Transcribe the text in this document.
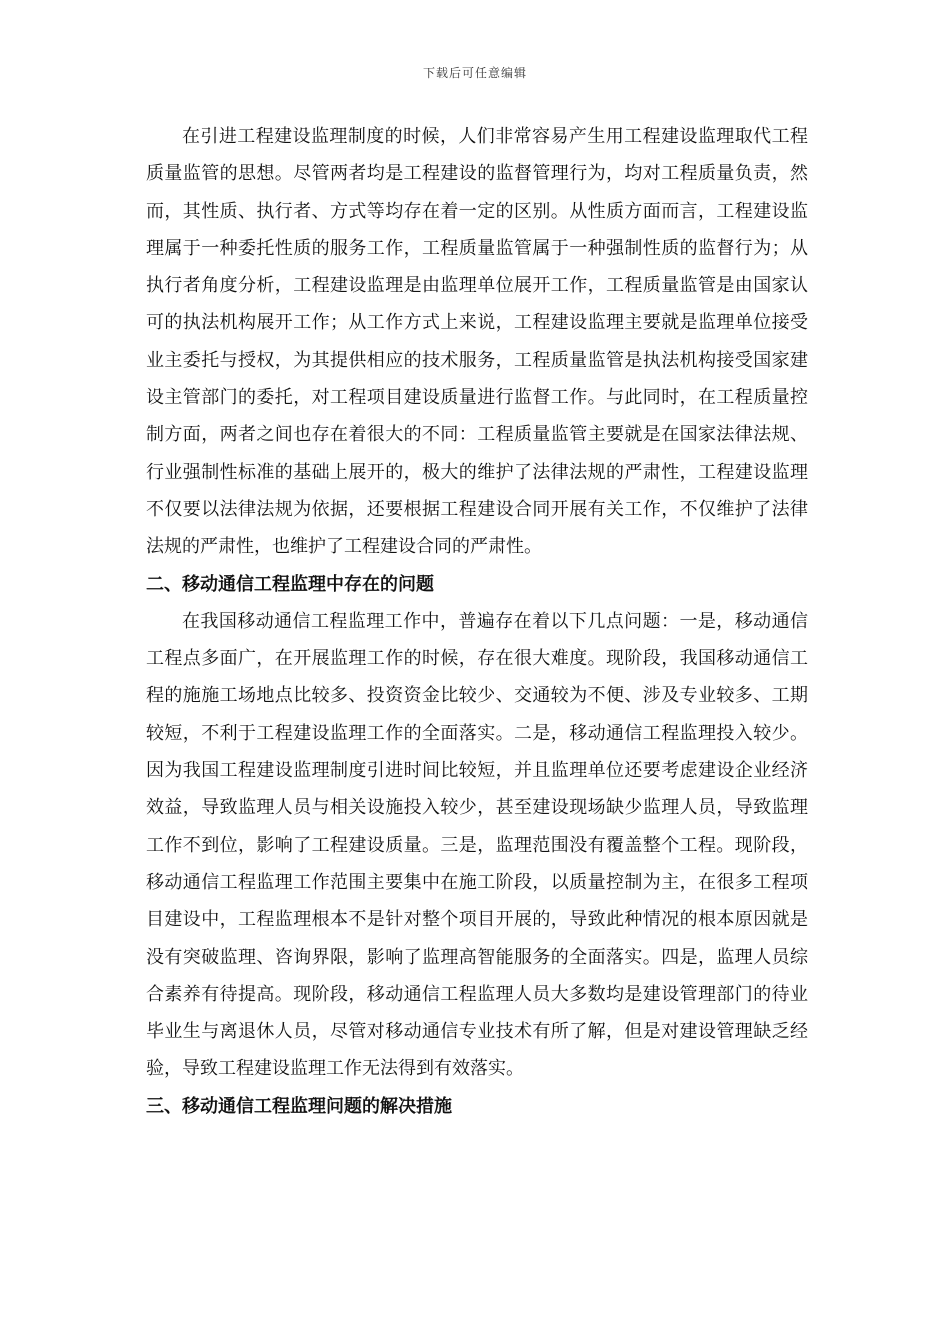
下载后可任意编辑

在引进工程建设监理制度的时候，人们非常容易产生用工程建设监理取代工程质量监管的思想。尽管两者均是工程建设的监督管理行为，均对工程质量负责，然而，其性质、执行者、方式等均存在着一定的区别。从性质方面而言，工程建设监理属于一种委托性质的服务工作，工程质量监管属于一种强制性质的监督行为；从执行者角度分析，工程建设监理是由监理单位展开工作，工程质量监管是由国家认可的执法机构展开工作；从工作方式上来说，工程建设监理主要就是监理单位接受业主委托与授权，为其提供相应的技术服务，工程质量监管是执法机构接受国家建设主管部门的委托，对工程项目建设质量进行监督工作。与此同时，在工程质量控制方面，两者之间也存在着很大的不同：工程质量监管主要就是在国家法律法规、行业强制性标准的基础上展开的，极大的维护了法律法规的严肃性，工程建设监理不仅要以法律法规为依据，还要根据工程建设合同开展有关工作，不仅维护了法律法规的严肃性，也维护了工程建设合同的严肃性。

二、移动通信工程监理中存在的问题

在我国移动通信工程监理工作中，普遍存在着以下几点问题：一是，移动通信工程点多面广，在开展监理工作的时候，存在很大难度。现阶段，我国移动通信工程的施施工场地点比较多、投资资金比较少、交通较为不便、涉及专业较多、工期较短，不利于工程建设监理工作的全面落实。二是，移动通信工程监理投入较少。因为我国工程建设监理制度引进时间比较短，并且监理单位还要考虑建设企业经济效益，导致监理人员与相关设施投入较少，甚至建设现场缺少监理人员，导致监理工作不到位，影响了工程建设质量。三是，监理范围没有覆盖整个工程。现阶段，移动通信工程监理工作范围主要集中在施工阶段，以质量控制为主，在很多工程项目建设中，工程监理根本不是针对整个项目开展的，导致此种情况的根本原因就是没有突破监理、咨询界限，影响了监理高智能服务的全面落实。四是，监理人员综合素养有待提高。现阶段，移动通信工程监理人员大多数均是建设管理部门的待业毕业生与离退休人员，尽管对移动通信专业技术有所了解，但是对建设管理缺乏经验，导致工程建设监理工作无法得到有效落实。

三、移动通信工程监理问题的解决措施
